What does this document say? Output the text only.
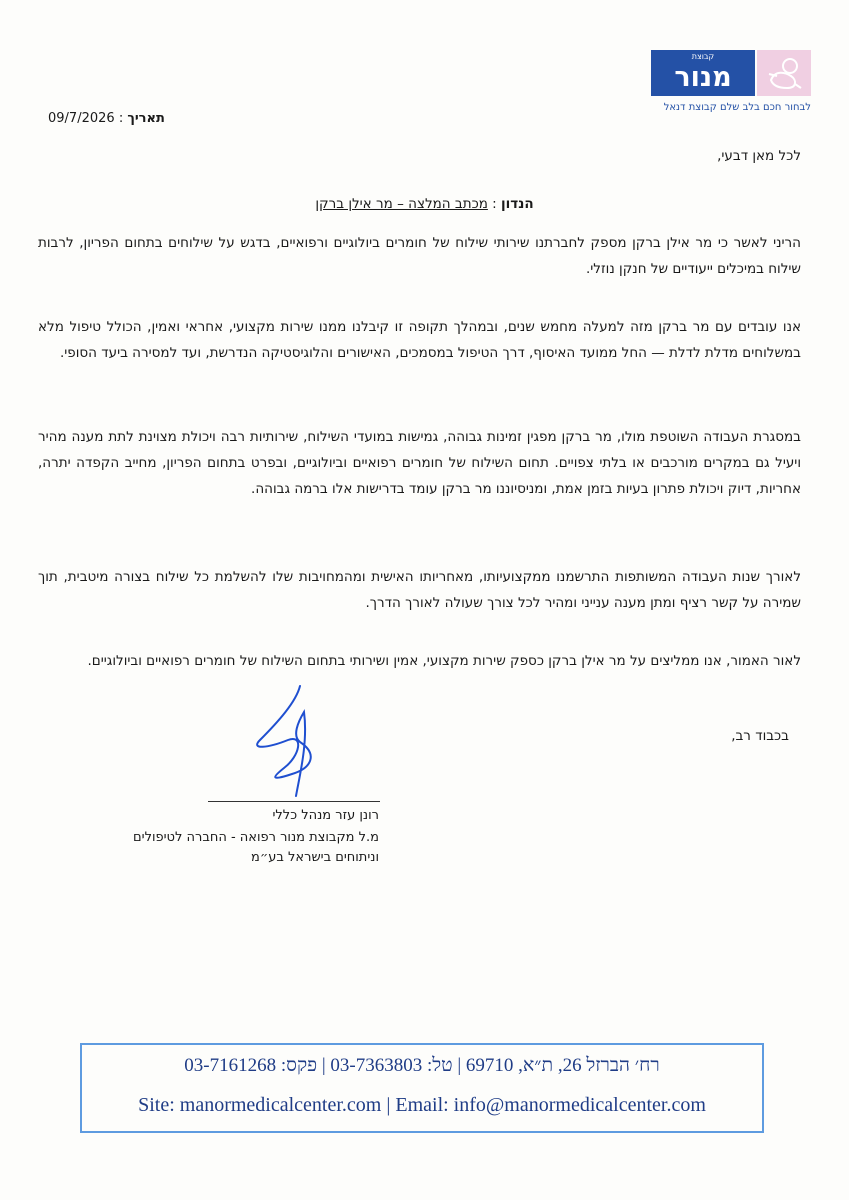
קבוצת
מנור
לבחור חכם בלב שלם קבוצת דנאל
09/7/2026 : תאריך
לכל מאן דבעי,
הנדון : מכתב המלצה – מר אילן ברקן

הריני לאשר כי מר אילן ברקן מספק לחברתנו שירותי שילוח של חומרים ביולוגיים ורפואיים, בדגש על שילוחים בתחום הפריון, לרבות שילוח במיכלים ייעודיים של חנקן נוזלי.

אנו עובדים עם מר ברקן מזה למעלה מחמש שנים, ובמהלך תקופה זו קיבלנו ממנו שירות מקצועי, אחראי ואמין, הכולל טיפול מלא במשלוחים מדלת לדלת — החל ממועד האיסוף, דרך הטיפול במסמכים, האישורים והלוגיסטיקה הנדרשת, ועד למסירה ביעד הסופי.

במסגרת העבודה השוטפת מולו, מר ברקן מפגין זמינות גבוהה, גמישות במועדי השילוח, שירותיות רבה ויכולת מצוינת לתת מענה מהיר ויעיל גם במקרים מורכבים או בלתי צפויים. תחום השילוח של חומרים רפואיים וביולוגיים, ובפרט בתחום הפריון, מחייב הקפדה יתרה, אחריות, דיוק ויכולת פתרון בעיות בזמן אמת, ומניסיוננו מר ברקן עומד בדרישות אלו ברמה גבוהה.

לאורך שנות העבודה המשותפות התרשמנו ממקצועיותו, מאחריותו האישית ומהמחויבות שלו להשלמת כל שילוח בצורה מיטבית, תוך שמירה על קשר רציף ומתן מענה ענייני ומהיר לכל צורך שעולה לאורך הדרך.

לאור האמור, אנו ממליצים על מר אילן ברקן כספק שירות מקצועי, אמין ושירותי בתחום השילוח של חומרים רפואיים וביולוגיים.

בכבוד רב,
רונן עזר מנהל כללי
מ.ל מקבוצת מנור רפואה - החברה לטיפולים
וניתוחים בישראל בע״מ
רח׳ הברזל 26, ת״א, 69710 | טל: 03-7363803 | פקס: 03-7161268
Site: manormedicalcenter.com | Email: info@manormedicalcenter.com
